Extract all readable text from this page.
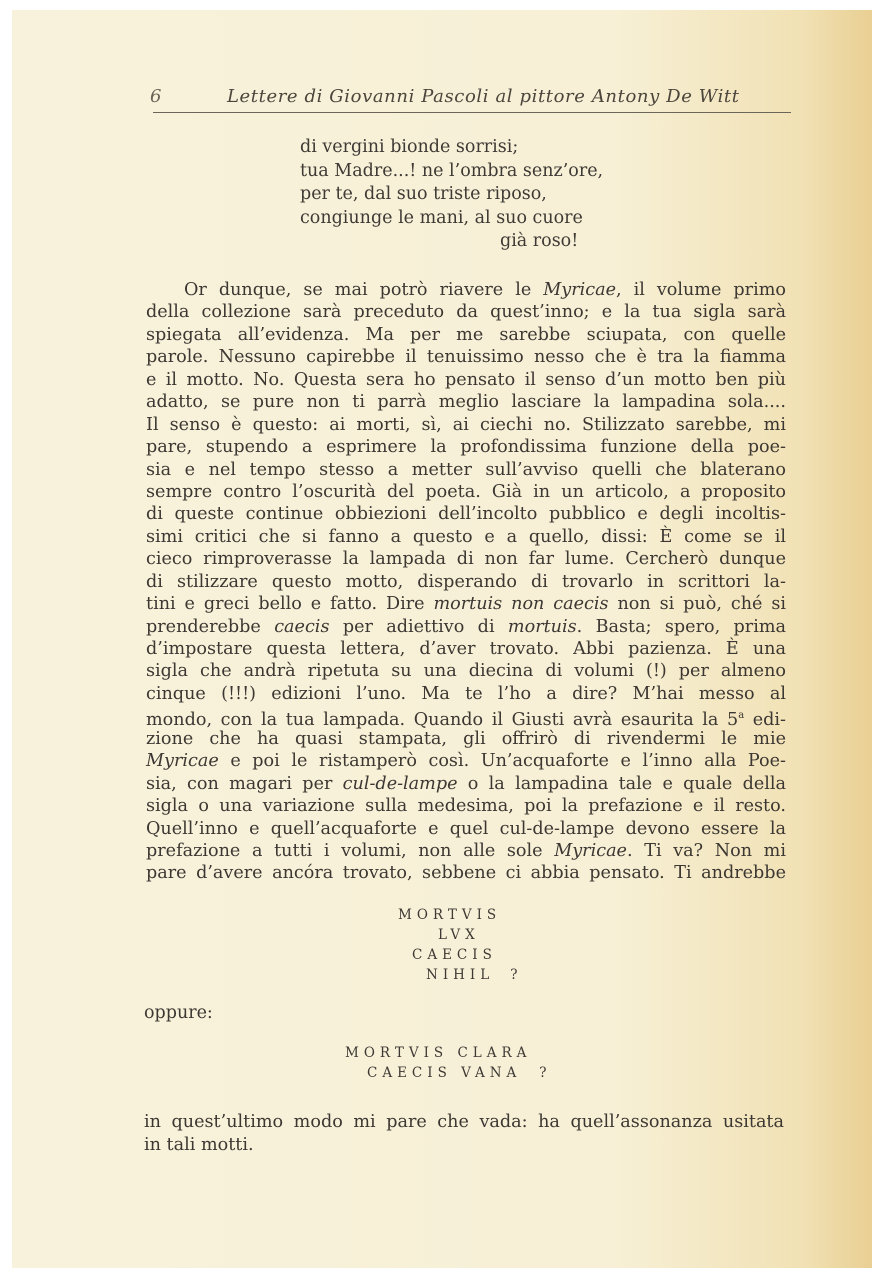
6	Lettere di Giovanni Pascoli al pittore Antony De Witt
di vergini bionde sorrisi;
tua Madre...! ne l’ombra senz’ore,
per te, dal suo triste riposo,
congiunge le mani, al suo cuore
già roso!
Or dunque, se mai potrò riavere le Myricae, il volume primo
della collezione sarà preceduto da quest’inno; e la tua sigla sarà
spiegata all’evidenza. Ma per me sarebbe sciupata, con quelle
parole. Nessuno capirebbe il tenuissimo nesso che è tra la fiamma
e il motto. No. Questa sera ho pensato il senso d’un motto ben più
adatto, se pure non ti parrà meglio lasciare la lampadina sola....
Il senso è questo: ai morti, sì, ai ciechi no. Stilizzato sarebbe, mi
pare, stupendo a esprimere la profondissima funzione della poe-
sia e nel tempo stesso a metter sull’avviso quelli che blaterano
sempre contro l’oscurità del poeta. Già in un articolo, a proposito
di queste continue obbiezioni dell’incolto pubblico e degli incoltis-
simi critici che si fanno a questo e a quello, dissi: È come se il
cieco rimproverasse la lampada di non far lume. Cercherò dunque
di stilizzare questo motto, disperando di trovarlo in scrittori la-
tini e greci bello e fatto. Dire mortuis non caecis non si può, ché si
prenderebbe caecis per adiettivo di mortuis. Basta; spero, prima
d’impostare questa lettera, d’aver trovato. Abbi pazienza. È una
sigla che andrà ripetuta su una diecina di volumi (!) per almeno
cinque (!!!) edizioni l’uno. Ma te l’ho a dire? M’hai messo al
mondo, con la tua lampada. Quando il Giusti avrà esaurita la 5$^a$ edi-
zione che ha quasi stampata, gli offrirò di rivendermi le mie
Myricae e poi le ristamperò così. Un’acquaforte e l’inno alla Poe-
sia, con magari per cul-de-lampe o la lampadina tale e quale della
sigla o una variazione sulla medesima, poi la prefazione e il resto.
Quell’inno e quell’acquaforte e quel cul-de-lampe devono essere la
prefazione a tutti i volumi, non alle sole Myricae. Ti va? Non mi
pare d’avere ancóra trovato, sebbene ci abbia pensato. Ti andrebbe
MORTVIS
LVX
CAECIS
NIHIL ?
oppure:
MORTVIS CLARA
CAECIS VANA ?
in quest’ultimo modo mi pare che vada: ha quell’assonanza usitata
in tali motti.
